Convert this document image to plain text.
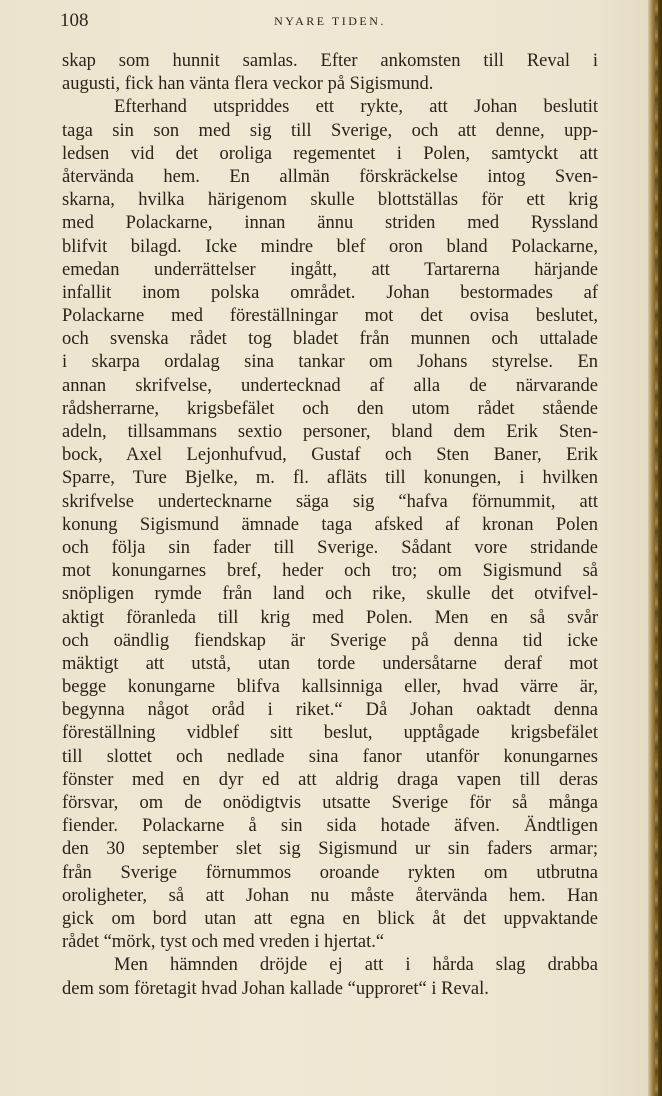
108	NYARE TIDEN.
skap som hunnit samlas. Efter ankomsten till Reval i
augusti, fick han vänta flera veckor på Sigismund.
Efterhand utspriddes ett rykte, att Johan beslutit
taga sin son med sig till Sverige, och att denne, upp-
ledsen vid det oroliga regementet i Polen, samtyckt att
återvända hem. En allmän förskräckelse intog Sven-
skarna, hvilka härigenom skulle blottställas för ett krig
med Polackarne, innan ännu striden med Ryssland
blifvit bilagd. Icke mindre blef oron bland Polackarne,
emedan underrättelser ingått, att Tartarerna härjande
infallit inom polska området. Johan bestormades af
Polackarne med föreställningar mot det ovisa beslutet,
och svenska rådet tog bladet från munnen och uttalade
i skarpa ordalag sina tankar om Johans styrelse. En
annan skrifvelse, undertecknad af alla de närvarande
rådsherrarne, krigsbefälet och den utom rådet stående
adeln, tillsammans sextio personer, bland dem Erik Sten-
bock, Axel Lejonhufvud, Gustaf och Sten Baner, Erik
Sparre, Ture Bjelke, m. fl. afläts till konungen, i hvilken
skrifvelse undertecknarne säga sig “hafva förnummit, att
konung Sigismund ämnade taga afsked af kronan Polen
och följa sin fader till Sverige. Sådant vore stridande
mot konungarnes bref, heder och tro; om Sigismund så
snöpligen rymde från land och rike, skulle det otvifvel-
aktigt föranleda till krig med Polen. Men en så svår
och oändlig fiendskap är Sverige på denna tid icke
mäktigt att utstå, utan torde undersåtarne deraf mot
begge konungarne blifva kallsinniga eller, hvad värre är,
begynna något oråd i riket.“ Då Johan oaktadt denna
föreställning vidblef sitt beslut, upptågade krigsbefälet
till slottet och nedlade sina fanor utanför konungarnes
fönster med en dyr ed att aldrig draga vapen till deras
försvar, om de onödigtvis utsatte Sverige för så många
fiender. Polackarne å sin sida hotade äfven. Ändtligen
den 30 september slet sig Sigismund ur sin faders armar;
från Sverige förnummos oroande rykten om utbrutna
oroligheter, så att Johan nu måste återvända hem. Han
gick om bord utan att egna en blick åt det uppvaktande
rådet “mörk, tyst och med vreden i hjertat.“
Men hämnden dröjde ej att i hårda slag drabba
dem som företagit hvad Johan kallade “upproret“ i Reval.
